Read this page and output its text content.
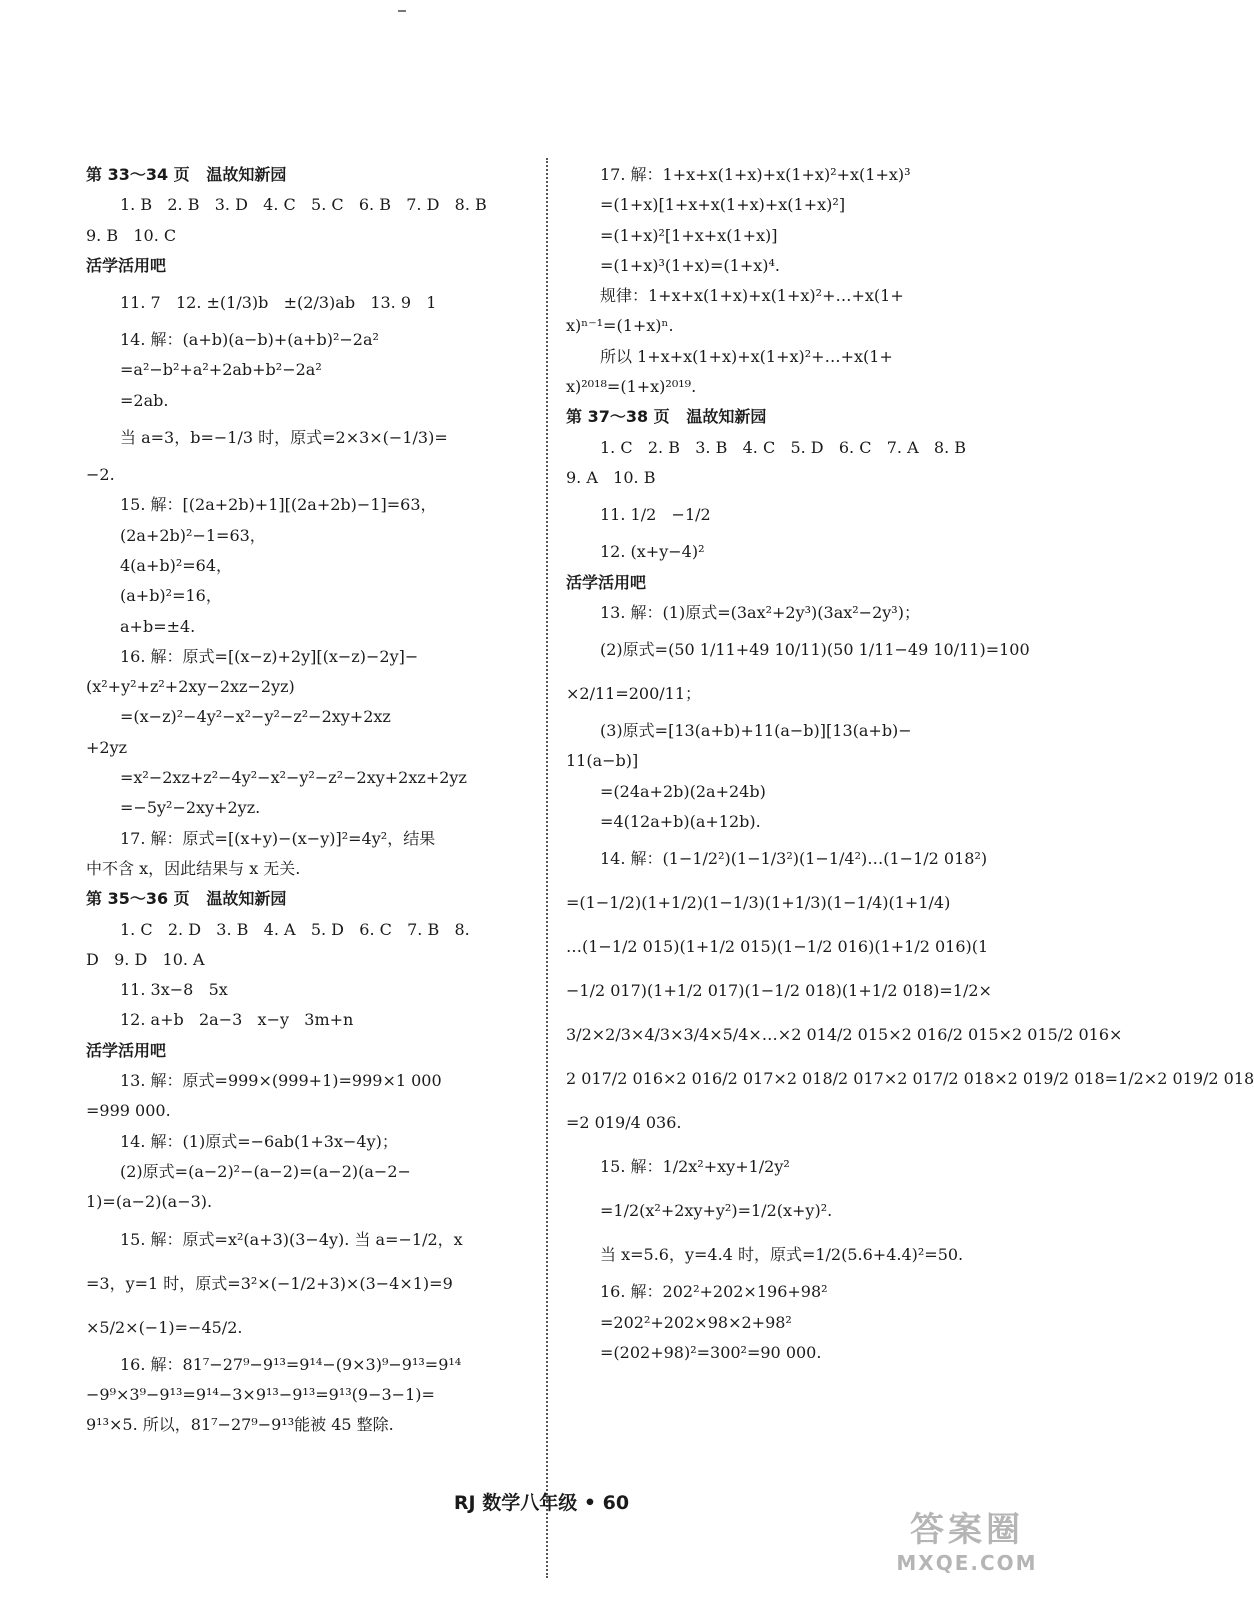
第 33～34 页   温故知新园
1. B   2. B   3. D   4. C   5. C   6. B   7. D   8. B
9. B   10. C
活学活用吧
11. 7   12. ±(1/3)b   ±(2/3)ab   13. 9   1
14. 解：(a+b)(a−b)+(a+b)²−2a²
=a²−b²+a²+2ab+b²−2a²
=2ab.
当 a=3，b=−1/3 时，原式=2×3×(−1/3)=
−2.
15. 解：[(2a+2b)+1][(2a+2b)−1]=63，
(2a+2b)²−1=63，
4(a+b)²=64，
(a+b)²=16，
a+b=±4.
16. 解：原式=[(x−z)+2y][(x−z)−2y]−
(x²+y²+z²+2xy−2xz−2yz)
=(x−z)²−4y²−x²−y²−z²−2xy+2xz
+2yz
=x²−2xz+z²−4y²−x²−y²−z²−2xy+2xz+2yz
=−5y²−2xy+2yz.
17. 解：原式=[(x+y)−(x−y)]²=4y²，结果
中不含 x，因此结果与 x 无关.
第 35～36 页   温故知新园
1. C   2. D   3. B   4. A   5. D   6. C   7. B   8.
D   9. D   10. A
11. 3x−8   5x
12. a+b   2a−3   x−y   3m+n
活学活用吧
13. 解：原式=999×(999+1)=999×1 000
=999 000.
14. 解：(1)原式=−6ab(1+3x−4y)；
(2)原式=(a−2)²−(a−2)=(a−2)(a−2−
1)=(a−2)(a−3).
15. 解：原式=x²(a+3)(3−4y). 当 a=−1/2，x
=3，y=1 时，原式=3²×(−1/2+3)×(3−4×1)=9
×5/2×(−1)=−45/2.
16. 解：81⁷−27⁹−9¹³=9¹⁴−(9×3)⁹−9¹³=9¹⁴
−9⁹×3⁹−9¹³=9¹⁴−3×9¹³−9¹³=9¹³(9−3−1)=
9¹³×5. 所以，81⁷−27⁹−9¹³能被 45 整除.
17. 解：1+x+x(1+x)+x(1+x)²+x(1+x)³
=(1+x)[1+x+x(1+x)+x(1+x)²]
=(1+x)²[1+x+x(1+x)]
=(1+x)³(1+x)=(1+x)⁴.
规律：1+x+x(1+x)+x(1+x)²+…+x(1+
x)ⁿ⁻¹=(1+x)ⁿ.
所以 1+x+x(1+x)+x(1+x)²+…+x(1+
x)²⁰¹⁸=(1+x)²⁰¹⁹.
第 37～38 页   温故知新园
1. C   2. B   3. B   4. C   5. D   6. C   7. A   8. B
9. A   10. B
11. 1/2   −1/2
12. (x+y−4)²
活学活用吧
13. 解：(1)原式=(3ax²+2y³)(3ax²−2y³)；
(2)原式=(50 1/11+49 10/11)(50 1/11−49 10/11)=100
×2/11=200/11；
(3)原式=[13(a+b)+11(a−b)][13(a+b)−
11(a−b)]
=(24a+2b)(2a+24b)
=4(12a+b)(a+12b).
14. 解：(1−1/2²)(1−1/3²)(1−1/4²)…(1−1/2 018²)
=(1−1/2)(1+1/2)(1−1/3)(1+1/3)(1−1/4)(1+1/4)
…(1−1/2 015)(1+1/2 015)(1−1/2 016)(1+1/2 016)(1
−1/2 017)(1+1/2 017)(1−1/2 018)(1+1/2 018)=1/2×
3/2×2/3×4/3×3/4×5/4×…×2 014/2 015×2 016/2 015×2 015/2 016×
2 017/2 016×2 016/2 017×2 018/2 017×2 017/2 018×2 019/2 018=1/2×2 019/2 018
=2 019/4 036.
15. 解：1/2x²+xy+1/2y²
=1/2(x²+2xy+y²)=1/2(x+y)².
当 x=5.6，y=4.4 时，原式=1/2(5.6+4.4)²=50.
16. 解：202²+202×196+98²
=202²+202×98×2+98²
=(202+98)²=300²=90 000.
RJ 数学八年级 • 60
答案圈
MXQE.COM
